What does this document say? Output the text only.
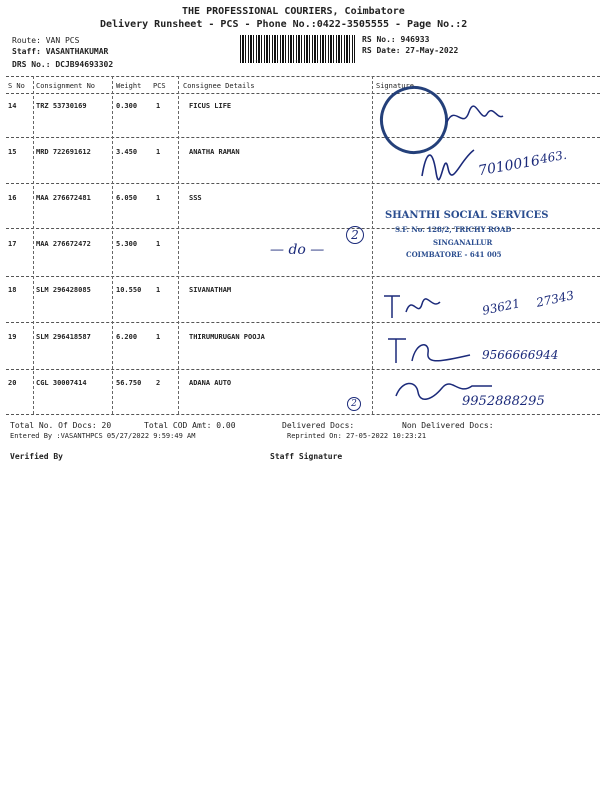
THE PROFESSIONAL COURIERS, Coimbatore
Delivery Runsheet - PCS - Phone No.:0422-3505555 - Page No.:2
Route: VAN PCS
Staff: VASANTHAKUMAR
DRS No.: DCJB94693302
RS No.: 946933
RS Date: 27-May-2022
S No Consignment No	Weight PCS Consignee Details	Signature
14	TRZ 53730169	0.300	1	FICUS LIFE
15	MRD 722691612	3.450	1	ANATHA RAMAN
16	MAA 276672481	6.050	1	SSS
17	MAA 276672472	5.300	1
18	SLM 296428085	10.550 1	SIVANATHAM
19	SLM 296418587	6.200	1	THIRUMURUGAN POOJA
20	CGL 30007414	56.750 2	ADANA AUTO
7010016
463.
SHANTHI SOCIAL SERVICES
S.F. No. 128/2, TRICHY ROAD
SINGANALLUR
COIMBATORE - 641 005
— do —
2
93621 27343
9566666944
9952888295
2
Total No. Of Docs: 20	Total COD Amt: 0.00	Delivered Docs:	Non Delivered Docs:
Entered By :VASANTHPCS 05/27/2022 9:59:49 AM	Reprinted On: 27-05-2022 10:23:21
Verified By	Staff Signature
